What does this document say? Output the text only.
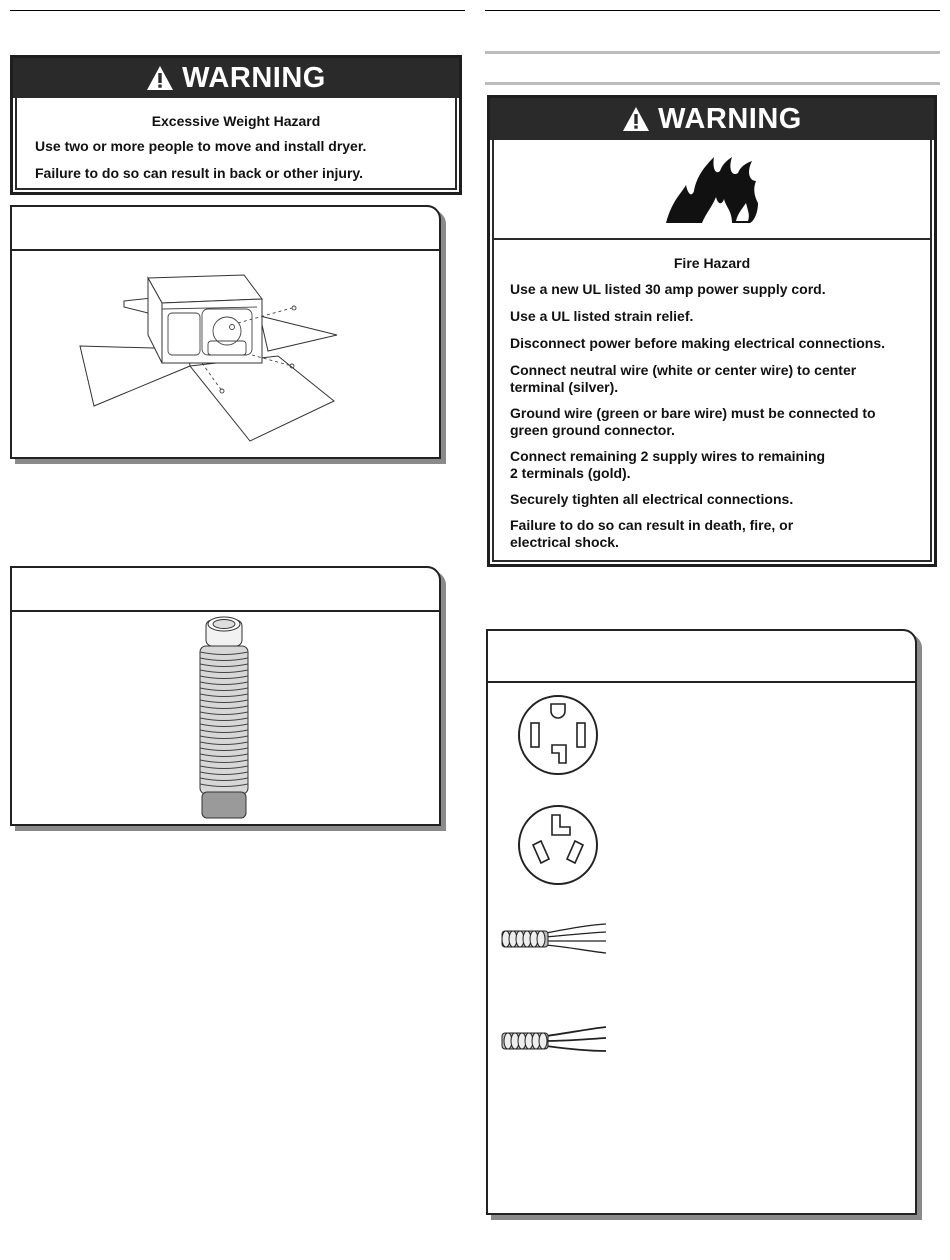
WARNING
Excessive Weight Hazard
Use two or more people to move and install dryer.
Failure to do so can result in back or other injury.
WARNING
Fire Hazard
Use a new UL listed 30 amp power supply cord.
Use a UL listed strain relief.
Disconnect power before making electrical connections.
Connect neutral wire (white or center wire) to center
terminal (silver).
Ground wire (green or bare wire) must be connected to
green ground connector.
Connect remaining 2 supply wires to remaining
2 terminals (gold).
Securely tighten all electrical connections.
Failure to do so can result in death, fire, or
electrical shock.
